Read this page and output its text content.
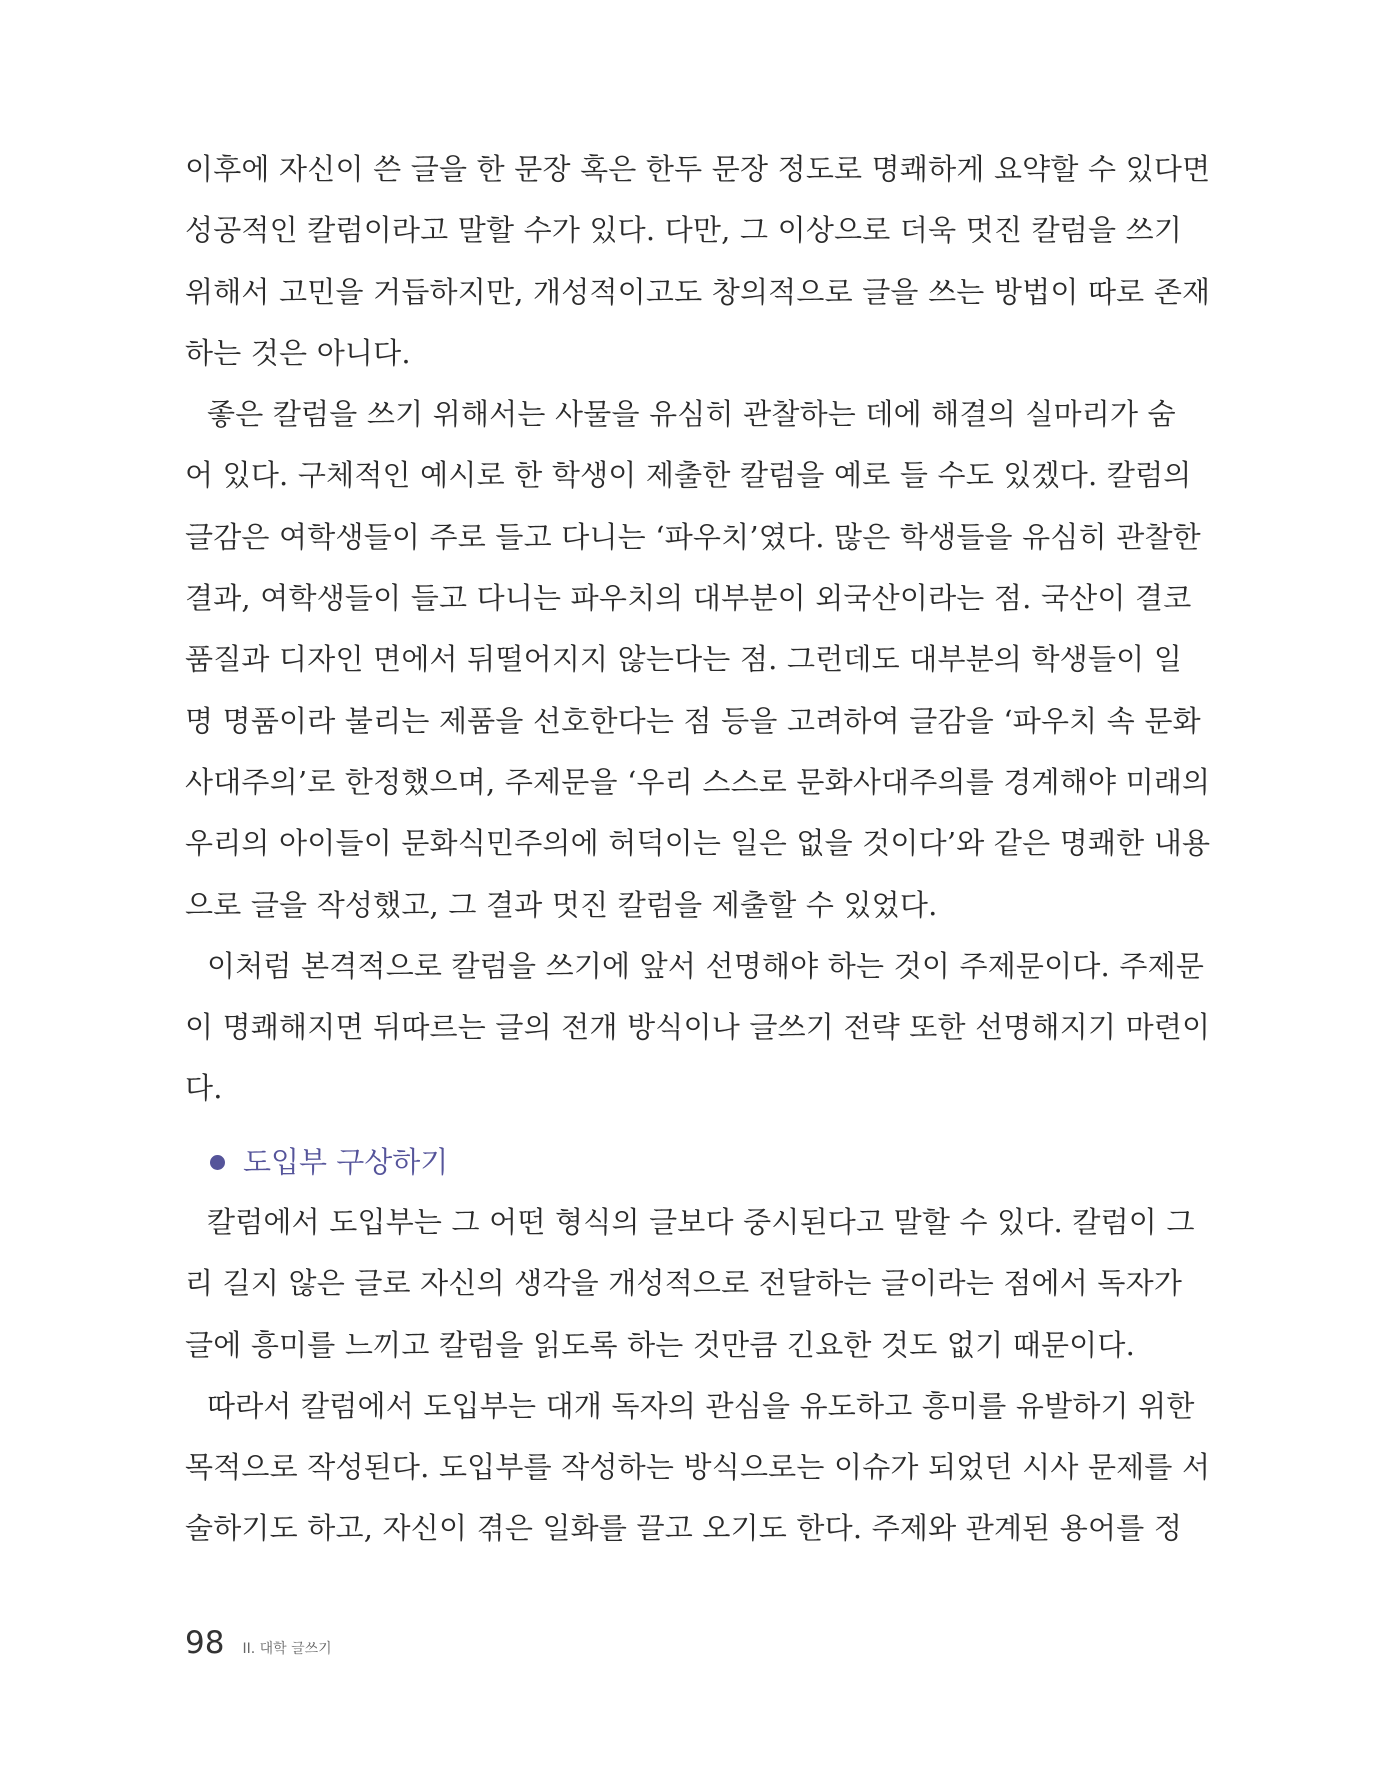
이후에 자신이 쓴 글을 한 문장 혹은 한두 문장 정도로 명쾌하게 요약할 수 있다면
성공적인 칼럼이라고 말할 수가 있다. 다만, 그 이상으로 더욱 멋진 칼럼을 쓰기
위해서 고민을 거듭하지만, 개성적이고도 창의적으로 글을 쓰는 방법이 따로 존재
하는 것은 아니다.
좋은 칼럼을 쓰기 위해서는 사물을 유심히 관찰하는 데에 해결의 실마리가 숨
어 있다. 구체적인 예시로 한 학생이 제출한 칼럼을 예로 들 수도 있겠다. 칼럼의
글감은 여학생들이 주로 들고 다니는 ‘파우치’였다. 많은 학생들을 유심히 관찰한
결과, 여학생들이 들고 다니는 파우치의 대부분이 외국산이라는 점. 국산이 결코
품질과 디자인 면에서 뒤떨어지지 않는다는 점. 그런데도 대부분의 학생들이 일
명 명품이라 불리는 제품을 선호한다는 점 등을 고려하여 글감을 ‘파우치 속 문화
사대주의’로 한정했으며, 주제문을 ‘우리 스스로 문화사대주의를 경계해야 미래의
우리의 아이들이 문화식민주의에 허덕이는 일은 없을 것이다’와 같은 명쾌한 내용
으로 글을 작성했고, 그 결과 멋진 칼럼을 제출할 수 있었다.
이처럼 본격적으로 칼럼을 쓰기에 앞서 선명해야 하는 것이 주제문이다. 주제문
이 명쾌해지면 뒤따르는 글의 전개 방식이나 글쓰기 전략 또한 선명해지기 마련이
다.
도입부 구상하기
칼럼에서 도입부는 그 어떤 형식의 글보다 중시된다고 말할 수 있다. 칼럼이 그
리 길지 않은 글로 자신의 생각을 개성적으로 전달하는 글이라는 점에서 독자가
글에 흥미를 느끼고 칼럼을 읽도록 하는 것만큼 긴요한 것도 없기 때문이다.
따라서 칼럼에서 도입부는 대개 독자의 관심을 유도하고 흥미를 유발하기 위한
목적으로 작성된다. 도입부를 작성하는 방식으로는 이슈가 되었던 시사 문제를 서
술하기도 하고, 자신이 겪은 일화를 끌고 오기도 한다. 주제와 관계된 용어를 정
98 II. 대학 글쓰기
